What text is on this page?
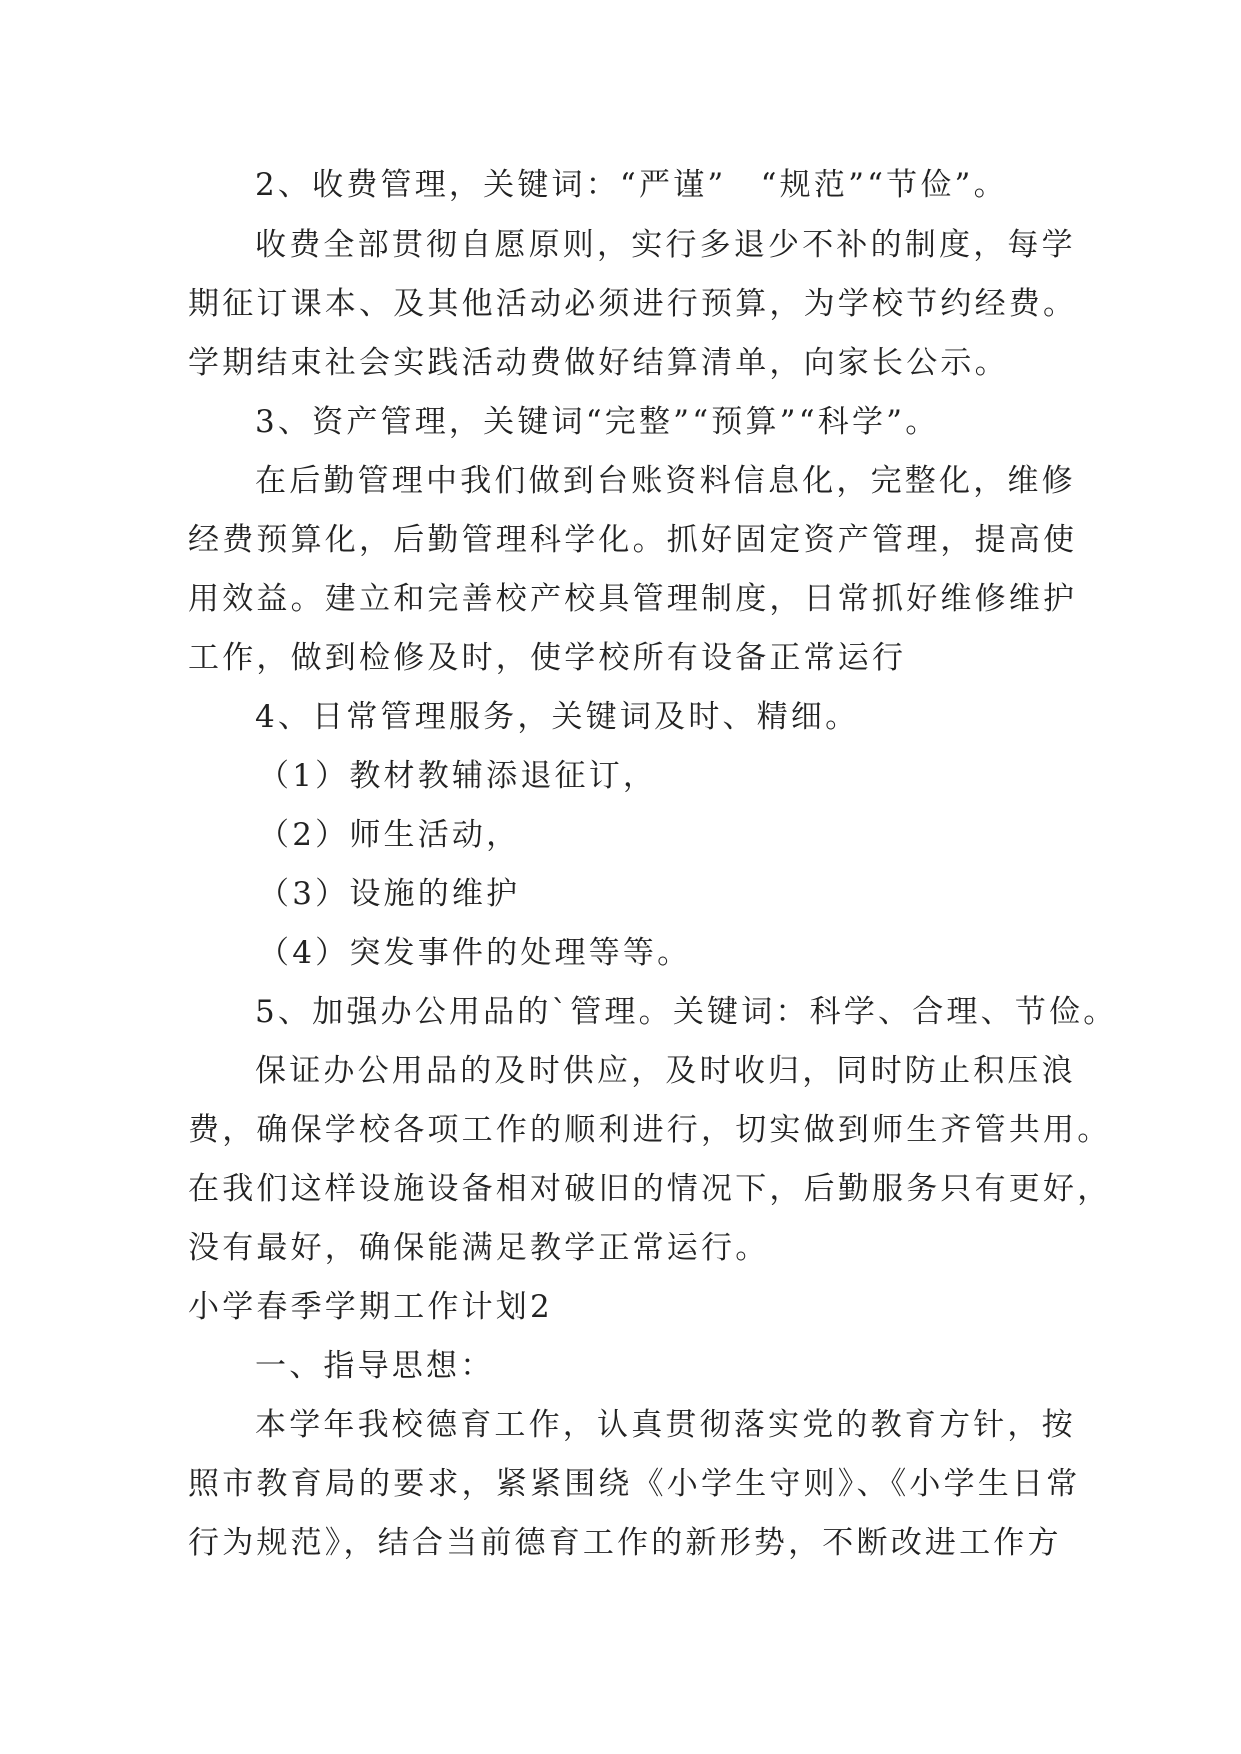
2、收费管理，关键词：“严谨”　“规范”“节俭”。
收费全部贯彻自愿原则，实行多退少不补的制度，每学
期征订课本、及其他活动必须进行预算，为学校节约经费。
学期结束社会实践活动费做好结算清单，向家长公示。
3、资产管理，关键词“完整”“预算”“科学”。
在后勤管理中我们做到台账资料信息化，完整化，维修
经费预算化，后勤管理科学化。抓好固定资产管理，提高使
用效益。建立和完善校产校具管理制度，日常抓好维修维护
工作，做到检修及时，使学校所有设备正常运行
4、日常管理服务，关键词及时、精细。
（1）教材教辅添退征订，
（2）师生活动，
（3）设施的维护
（4）突发事件的处理等等。
5、加强办公用品的`管理。关键词：科学、合理、节俭。
保证办公用品的及时供应，及时收归，同时防止积压浪
费，确保学校各项工作的顺利进行，切实做到师生齐管共用。
在我们这样设施设备相对破旧的情况下，后勤服务只有更好，
没有最好，确保能满足教学正常运行。
小学春季学期工作计划2
一、指导思想：
本学年我校德育工作，认真贯彻落实党的教育方针，按
照市教育局的要求，紧紧围绕《小学生守则》、《小学生日常
行为规范》，结合当前德育工作的新形势，不断改进工作方
